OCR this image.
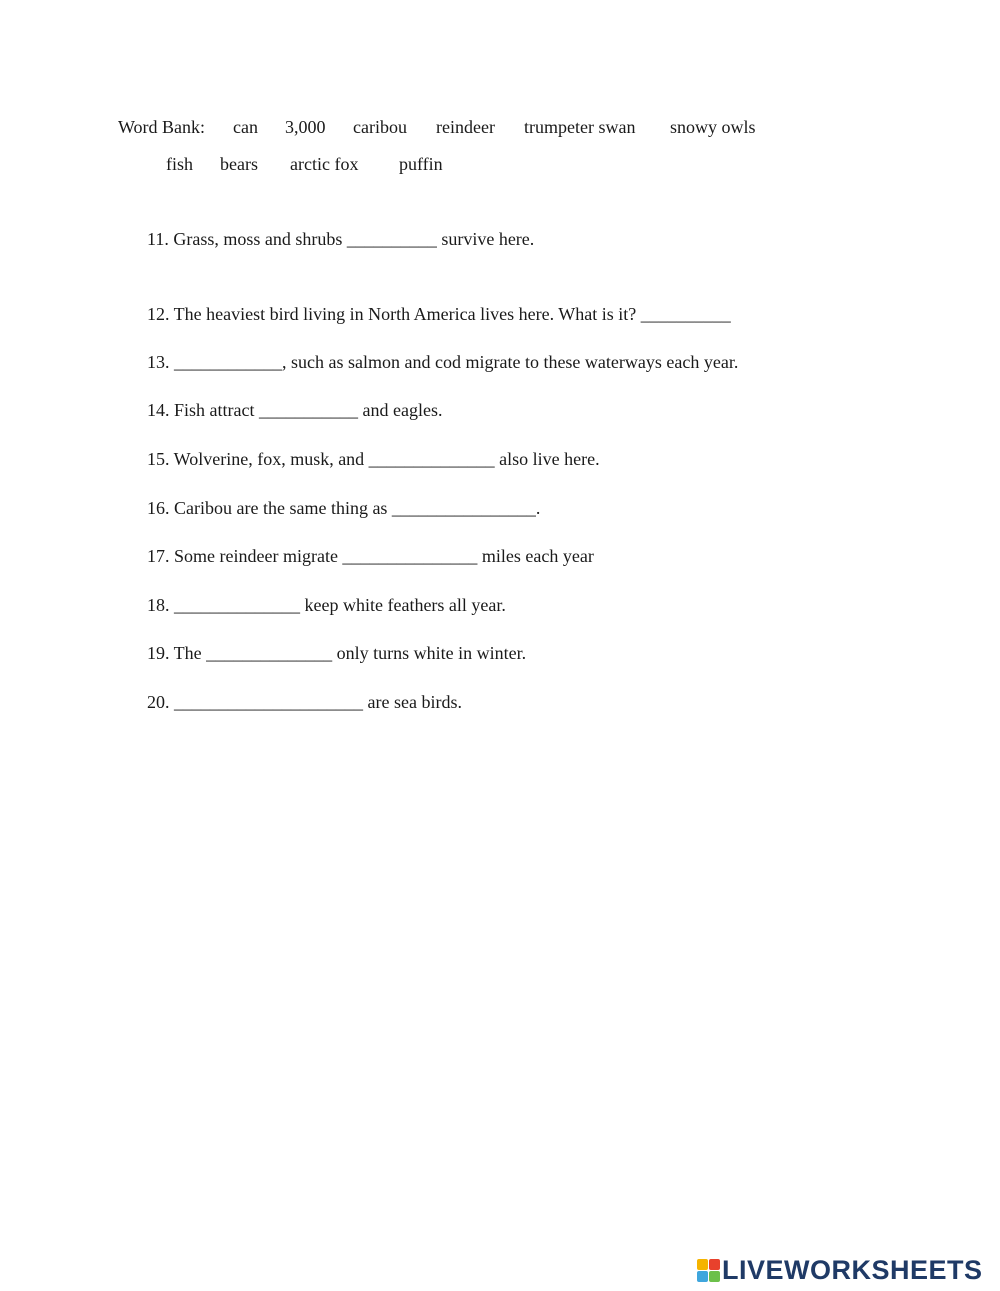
Word Bank: can 3,000 caribou reindeer trumpeter swan snowy owls
fish bears arctic fox puffin
11. Grass, moss and shrubs __________ survive here.
12. The heaviest bird living in North America lives here. What is it? __________
13. ____________, such as salmon and cod migrate to these waterways each year.
14. Fish attract ___________ and eagles.
15. Wolverine, fox, musk, and ______________ also live here.
16. Caribou are the same thing as ________________.
17. Some reindeer migrate _______________ miles each year
18. ______________ keep white feathers all year.
19. The ______________ only turns white in winter.
20. _____________________ are sea birds.
LIVEWORKSHEETS
